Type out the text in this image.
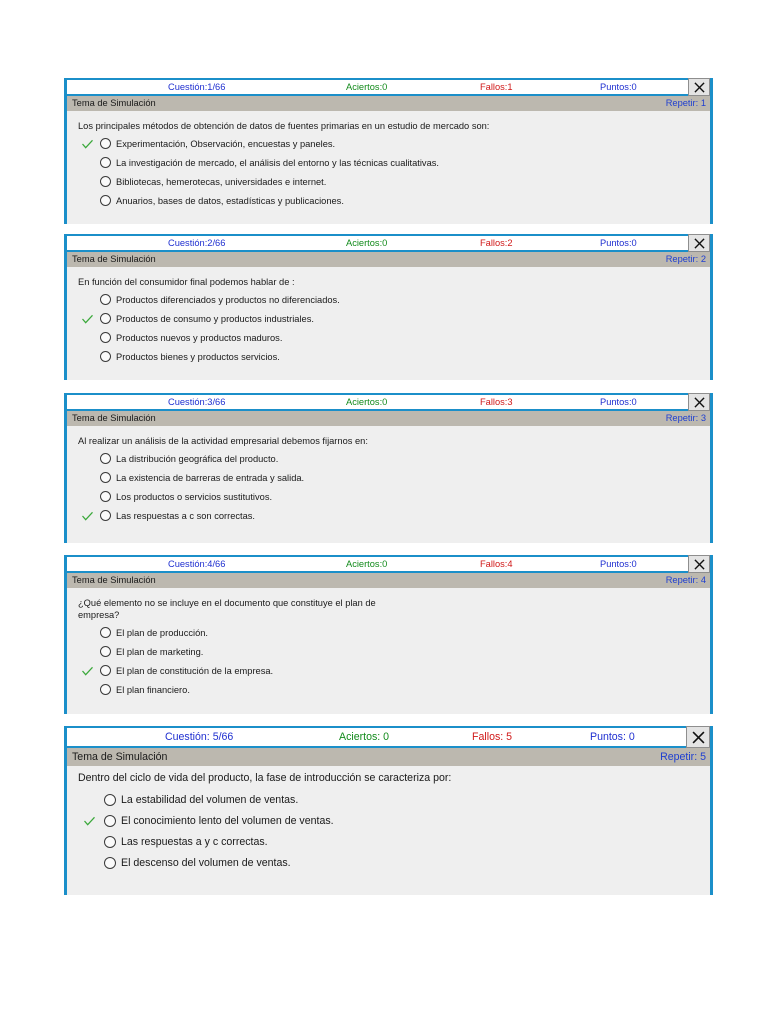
Cuestión:1/66	Aciertos:0	Fallos:1	Puntos:0
Tema de Simulación	Repetir: 1
Los principales métodos de obtención de datos de fuentes primarias en un estudio de mercado son:
Experimentación, Observación, encuestas y paneles.
La investigación de mercado, el análisis del entorno y las técnicas cualitativas.
Bibliotecas, hemerotecas, universidades e internet.
Anuarios, bases de datos, estadísticas y publicaciones.
Cuestión:2/66	Aciertos:0	Fallos:2	Puntos:0
Tema de Simulación	Repetir: 2
En función del consumidor final podemos hablar de :
Productos diferenciados y productos no diferenciados.
Productos de consumo y productos industriales.
Productos nuevos y productos maduros.
Productos bienes y productos servicios.
Cuestión:3/66	Aciertos:0	Fallos:3	Puntos:0
Tema de Simulación	Repetir: 3
Al realizar un análisis de la actividad empresarial debemos fijarnos en:
La distribución geográfica del producto.
La existencia de barreras de entrada y salida.
Los productos o servicios sustitutivos.
Las respuestas a c son correctas.
Cuestión:4/66	Aciertos:0	Fallos:4	Puntos:0
Tema de Simulación	Repetir: 4
¿Qué elemento no se incluye en el documento que constituye el plan de empresa?
El plan de producción.
El plan de marketing.
El plan de constitución de la empresa.
El plan financiero.
Cuestión: 5/66	Aciertos: 0	Fallos: 5	Puntos: 0
Tema de Simulación	Repetir: 5
Dentro del ciclo de vida del producto, la fase de introducción se caracteriza por:
La estabilidad del volumen de ventas.
El conocimiento lento del volumen de ventas.
Las respuestas a y c correctas.
El descenso del volumen de ventas.
